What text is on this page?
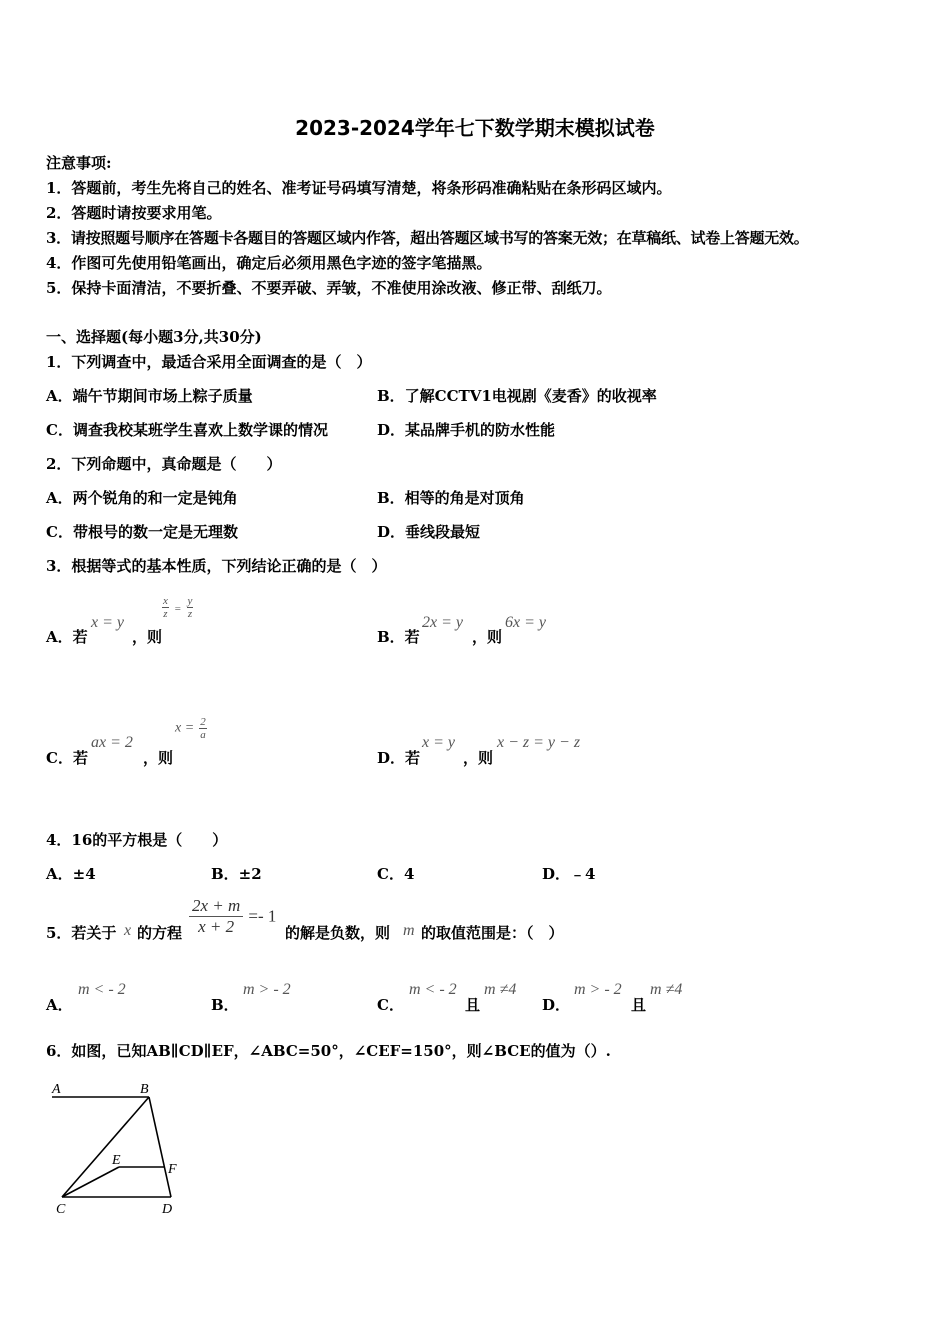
2023-2024学年七下数学期末模拟试卷
注意事项:
1．答题前，考生先将自己的姓名、准考证号码填写清楚，将条形码准确粘贴在条形码区域内。
2．答题时请按要求用笔。
3．请按照题号顺序在答题卡各题目的答题区域内作答，超出答题区域书写的答案无效；在草稿纸、试卷上答题无效。
4．作图可先使用铅笔画出，确定后必须用黑色字迹的签字笔描黑。
5．保持卡面清洁，不要折叠、不要弄破、弄皱，不准使用涂改液、修正带、刮纸刀。
一、选择题(每小题3分,共30分)
1．下列调查中，最适合采用全面调查的是（　）
A．端午节期间市场上粽子质量	B．了解CCTV1电视剧《麦香》的收视率
C．调查我校某班学生喜欢上数学课的情况	D．某品牌手机的防水性能
2．下列命题中，真命题是（　　）
A．两个锐角的和一定是钝角	B．相等的角是对顶角
C．带根号的数一定是无理数	D．垂线段最短
3．根据等式的基本性质，下列结论正确的是（　）
A．若
x = y
，则
$\frac{x}{z} = \frac{y}{z}$
B．若
2x = y
，则
6x = y
C．若
ax = 2
，则
$x = \frac{2}{a}$
D．若
x = y
，则
x − z = y − z
4．16的平方根是（　　）
A．±4	B．±2	C．4	D．﹣4
5．若关于 x 的方程 $\frac{2x + m}{x + 2} =- 1$
的解是负数，则 m 的取值范围是：（　）
A．
m < - 2
B．
m > - 2
C．
m < - 2
且
m ≠4
D．
m > - 2
且
m ≠4
6．如图，已知AB∥CD∥EF，∠ABC=50°，∠CEF=150°，则∠BCE的值为（）.
A	B
C	D
E
F
